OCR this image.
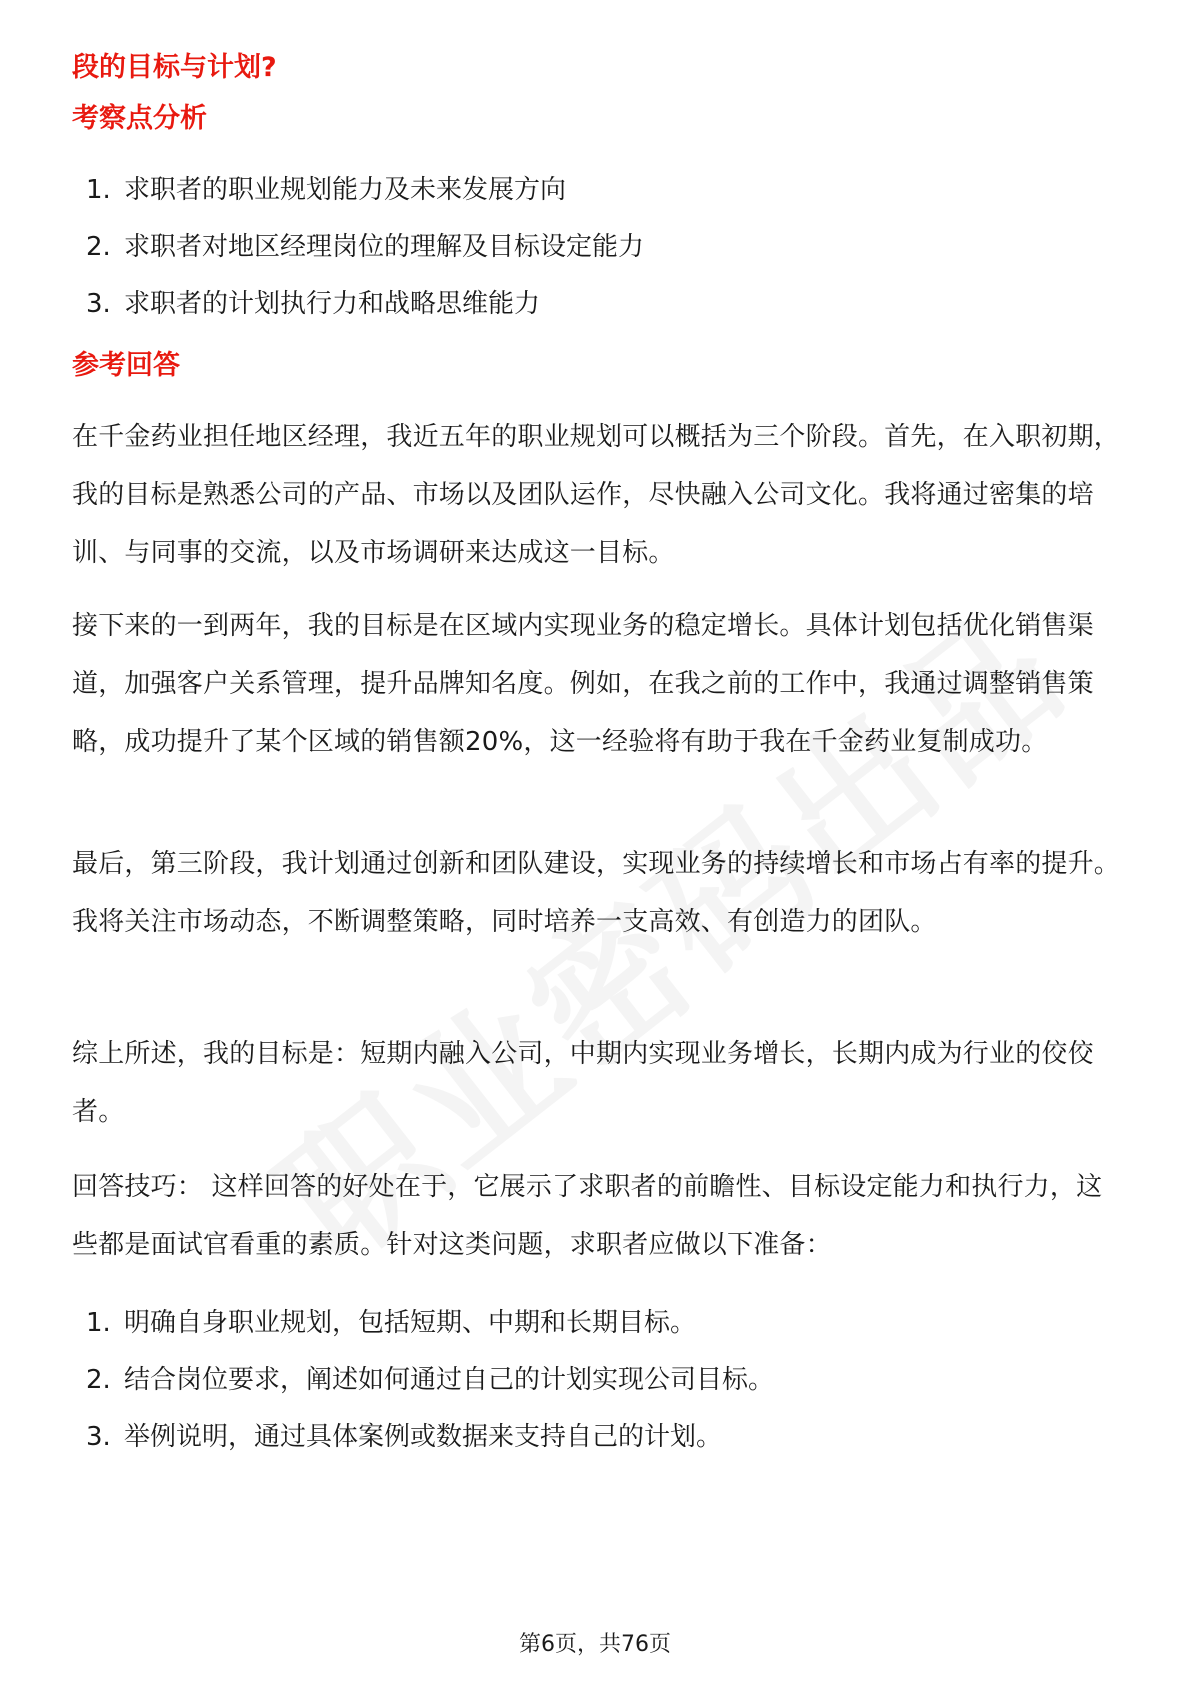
段的目标与计划?
考察点分析
1. 求职者的职业规划能力及未来发展方向
2. 求职者对地区经理岗位的理解及目标设定能力
3. 求职者的计划执行力和战略思维能力
参考回答

在千金药业担任地区经理，我近五年的职业规划可以概括为三个阶段。首先，在入职初期，我的目标是熟悉公司的产品、市场以及团队运作，尽快融入公司文化。我将通过密集的培训、与同事的交流，以及市场调研来达成这一目标。

接下来的一到两年，我的目标是在区域内实现业务的稳定增长。具体计划包括优化销售渠道，加强客户关系管理，提升品牌知名度。例如，在我之前的工作中，我通过调整销售策略，成功提升了某个区域的销售额20%，这一经验将有助于我在千金药业复制成功。

最后，第三阶段，我计划通过创新和团队建设，实现业务的持续增长和市场占有率的提升。我将关注市场动态，不断调整策略，同时培养一支高效、有创造力的团队。

综上所述，我的目标是：短期内融入公司，中期内实现业务增长，长期内成为行业的佼佼者。

回答技巧： 这样回答的好处在于，它展示了求职者的前瞻性、目标设定能力和执行力，这些都是面试官看重的素质。针对这类问题，求职者应做以下准备：

1. 明确自身职业规划，包括短期、中期和长期目标。
2. 结合岗位要求，阐述如何通过自己的计划实现公司目标。
3. 举例说明，通过具体案例或数据来支持自己的计划。
第6页，共76页
